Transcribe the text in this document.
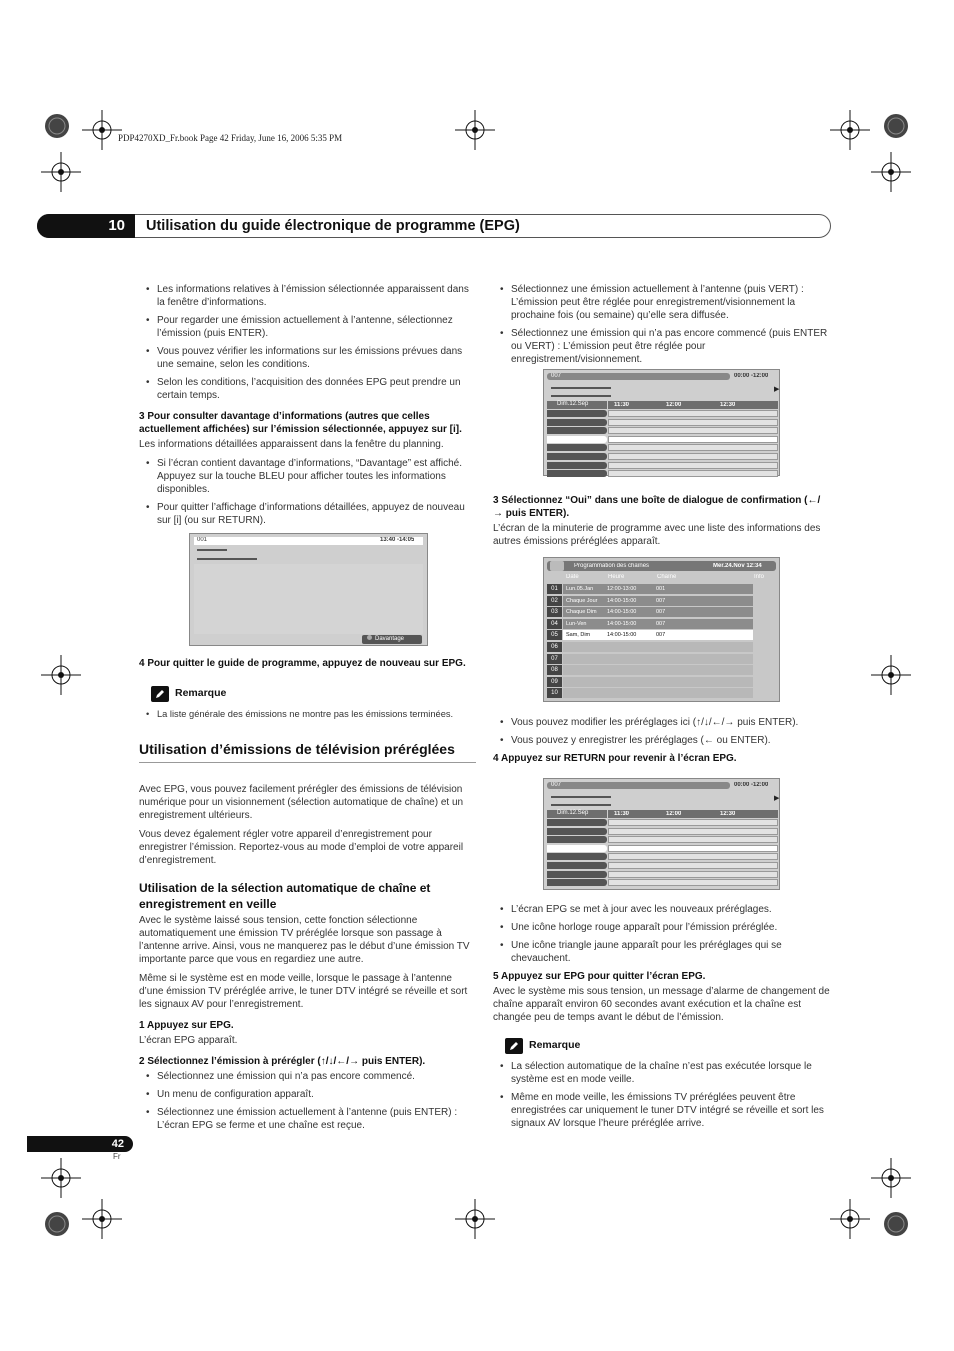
PDP4270XD_Fr.book Page 42 Friday, June 16, 2006 5:35 PM
10	Utilisation du guide électronique de programme (EPG)
• Les informations relatives à l’émission sélectionnée apparaissent dans la fenêtre d’informations.
• Pour regarder une émission actuellement à l’antenne, sélectionnez l’émission (puis ENTER).
• Vous pouvez vérifier les informations sur les émissions prévues dans une semaine, selon les conditions.
• Selon les conditions, l’acquisition des données EPG peut prendre un certain temps.
3 Pour consulter davantage d’informations (autres que celles actuellement affichées) sur l’émission sélectionnée, appuyez sur [i].
Les informations détaillées apparaissent dans la fenêtre du planning.
• Si l’écran contient davantage d’informations, “Davantage” est affiché. Appuyez sur la touche BLEU pour afficher toutes les informations disponibles.
• Pour quitter l’affichage d’informations détaillées, appuyez de nouveau sur [i] (ou sur RETURN).
001	13:40 -14:05
Davantage
4 Pour quitter le guide de programme, appuyez de nouveau sur EPG.
Remarque
• La liste générale des émissions ne montre pas les émissions terminées.
Utilisation d’émissions de télévision préréglées
Avec EPG, vous pouvez facilement prérégler des émissions de télévision numérique pour un visionnement (sélection automatique de chaîne) et un enregistrement ultérieurs.
Vous devez également régler votre appareil d’enregistrement pour enregistrer l’émission. Reportez-vous au mode d’emploi de votre appareil d’enregistrement.
Utilisation de la sélection automatique de chaîne et enregistrement en veille
Avec le système laissé sous tension, cette fonction sélectionne automatiquement une émission TV préréglée lorsque son passage à l’antenne arrive. Ainsi, vous ne manquerez pas le début d’une émission TV importante parce que vous en regardiez une autre.
Même si le système est en mode veille, lorsque le passage à l’antenne d’une émission TV préréglée arrive, le tuner DTV intégré se réveille et sort les signaux AV pour l’enregistrement.
1 Appuyez sur EPG.
L’écran EPG apparaît.
2 Sélectionnez l’émission à prérégler (↑/↓/←/→ puis ENTER).
• Sélectionnez une émission qui n’a pas encore commencé.
• Un menu de configuration apparaît.
• Sélectionnez une émission actuellement à l’antenne (puis ENTER) : L’écran EPG se ferme et une chaîne est reçue.
• Sélectionnez une émission actuellement à l’antenne (puis VERT) : L’émission peut être réglée pour enregistrement/visionnement la prochaine fois (ou semaine) qu’elle sera diffusée.
• Sélectionnez une émission qui n’a pas encore commencé (puis ENTER ou VERT) : L’émission peut être réglée pour enregistrement/visionnement.
007	00:00 -12:00
▶
Dim.12.Sep	11:30	12:00	12:30
3 Sélectionnez “Oui” dans une boîte de dialogue de confirmation (←/→ puis ENTER).
L’écran de la minuterie de programme avec une liste des informations des autres émissions préréglées apparaît.
Programmation des chaînes	Mer.24.Nov 12:34
Date	Heure	Chaîne	Info
01	Lun.05.Jan	12:00-13:00	001
02	Chaque Jour 14:00-15:00	007
03	Chaque Dim 14:00-15:00	007
04	Lun-Ven	14:00-15:00	007
05	Sam, Dim	14:00-15:00	007
06
07
08
09
10
• Vous pouvez modifier les préréglages ici (↑/↓/←/→ puis ENTER).
• Vous pouvez y enregistrer les préréglages (← ou ENTER).
4 Appuyez sur RETURN pour revenir à l’écran EPG.
007	00:00 -12:00
▶
Dim.12.Sep	11:30	12:00	12:30
• L’écran EPG se met à jour avec les nouveaux préréglages.
• Une icône horloge rouge apparaît pour l’émission préréglée.
• Une icône triangle jaune apparaît pour les préréglages qui se chevauchent.
5 Appuyez sur EPG pour quitter l’écran EPG.
Avec le système mis sous tension, un message d’alarme de changement de chaîne apparaît environ 60 secondes avant exécution et la chaîne est changée peu de temps avant le début de l’émission.
Remarque
• La sélection automatique de la chaîne n’est pas exécutée lorsque le système est en mode veille.
• Même en mode veille, les émissions TV préréglées peuvent être enregistrées car uniquement le tuner DTV intégré se réveille et sort les signaux AV lorsque l’heure préréglée arrive.
42
Fr
